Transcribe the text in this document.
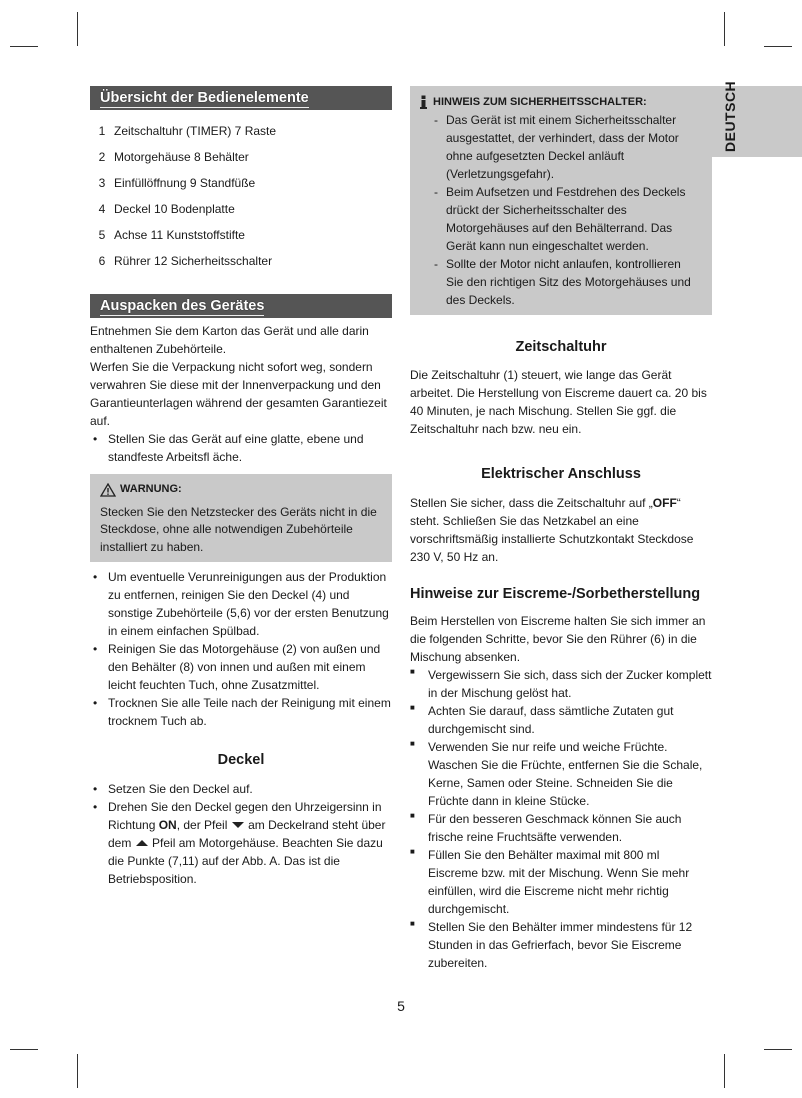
DEUTSCH
Übersicht der Bedienelemente
1 Zeitschaltuhr (TIMER) 7 Raste
2 Motorgehäuse 8 Behälter
3 Einfüllöffnung 9 Standfüße
4 Deckel 10 Bodenplatte
5 Achse 11 Kunststoffstifte
6 Rührer 12 Sicherheitsschalter
Auspacken des Gerätes

Entnehmen Sie dem Karton das Gerät und alle darin enthaltenen Zubehörteile.

Werfen Sie die Verpackung nicht sofort weg, sondern verwahren Sie diese mit der Innenverpackung und den Garantieunterlagen während der gesamten Garantiezeit auf.

• Stellen Sie das Gerät auf eine glatte, ebene und standfeste Arbeitsfl äche.
WARNUNG:

Stecken Sie den Netzstecker des Geräts nicht in die Steckdose, ohne alle notwendigen Zubehörteile installiert zu haben.

• Um eventuelle Verunreinigungen aus der Produktion zu entfernen, reinigen Sie den Deckel (4) und sonstige Zubehörteile (5,6) vor der ersten Benutzung in einem einfachen Spülbad.
• Reinigen Sie das Motorgehäuse (2) von außen und den Behälter (8) von innen und außen mit einem leicht feuchten Tuch, ohne Zusatzmittel.
• Trocknen Sie alle Teile nach der Reinigung mit einem trocknem Tuch ab.
Deckel
• Setzen Sie den Deckel auf.
• Drehen Sie den Deckel gegen den Uhrzeigersinn in Richtung ON, der Pfeil  am Deckelrand steht über dem  Pfeil am Motorgehäuse. Beachten Sie dazu die Punkte (7,11) auf der Abb. A. Das ist die Betriebsposition.
HINWEIS ZUM SICHERHEITSSCHALTER:
- Das Gerät ist mit einem Sicherheitsschalter ausgestattet, der verhindert, dass der Motor ohne aufgesetzten Deckel anläuft (Verletzungsgefahr).
- Beim Aufsetzen und Festdrehen des Deckels drückt der Sicherheitsschalter des Motorgehäuses auf den Behälterrand. Das Gerät kann nun eingeschaltet werden.
- Sollte der Motor nicht anlaufen, kontrollieren Sie den richtigen Sitz des Motorgehäuses und des Deckels.
Zeitschaltuhr

Die Zeitschaltuhr (1) steuert, wie lange das Gerät arbeitet. Die Herstellung von Eiscreme dauert ca. 20 bis 40 Minuten, je nach Mischung. Stellen Sie ggf. die Zeitschaltuhr nach bzw. neu ein.

Elektrischer Anschluss

Stellen Sie sicher, dass die Zeitschaltuhr auf „OFF“ steht. Schließen Sie das Netzkabel an eine vorschriftsmäßig installierte Schutzkontakt Steckdose 230 V, 50 Hz an.

Hinweise zur Eiscreme-/Sorbetherstellung

Beim Herstellen von Eiscreme halten Sie sich immer an die folgenden Schritte, bevor Sie den Rührer (6) in die Mischung absenken.

■ Vergewissern Sie sich, dass sich der Zucker komplett in der Mischung gelöst hat.
■ Achten Sie darauf, dass sämtliche Zutaten gut durchgemischt sind.
■ Verwenden Sie nur reife und weiche Früchte. Waschen Sie die Früchte, entfernen Sie die Schale, Kerne, Samen oder Steine. Schneiden Sie die Früchte dann in kleine Stücke.
■ Für den besseren Geschmack können Sie auch frische reine Fruchtsäfte verwenden.
■ Füllen Sie den Behälter maximal mit 800 ml Eiscreme bzw. mit der Mischung. Wenn Sie mehr einfüllen, wird die Eiscreme nicht mehr richtig durchgemischt.
■ Stellen Sie den Behälter immer mindestens für 12 Stunden in das Gefrierfach, bevor Sie Eiscreme zubereiten.
5
